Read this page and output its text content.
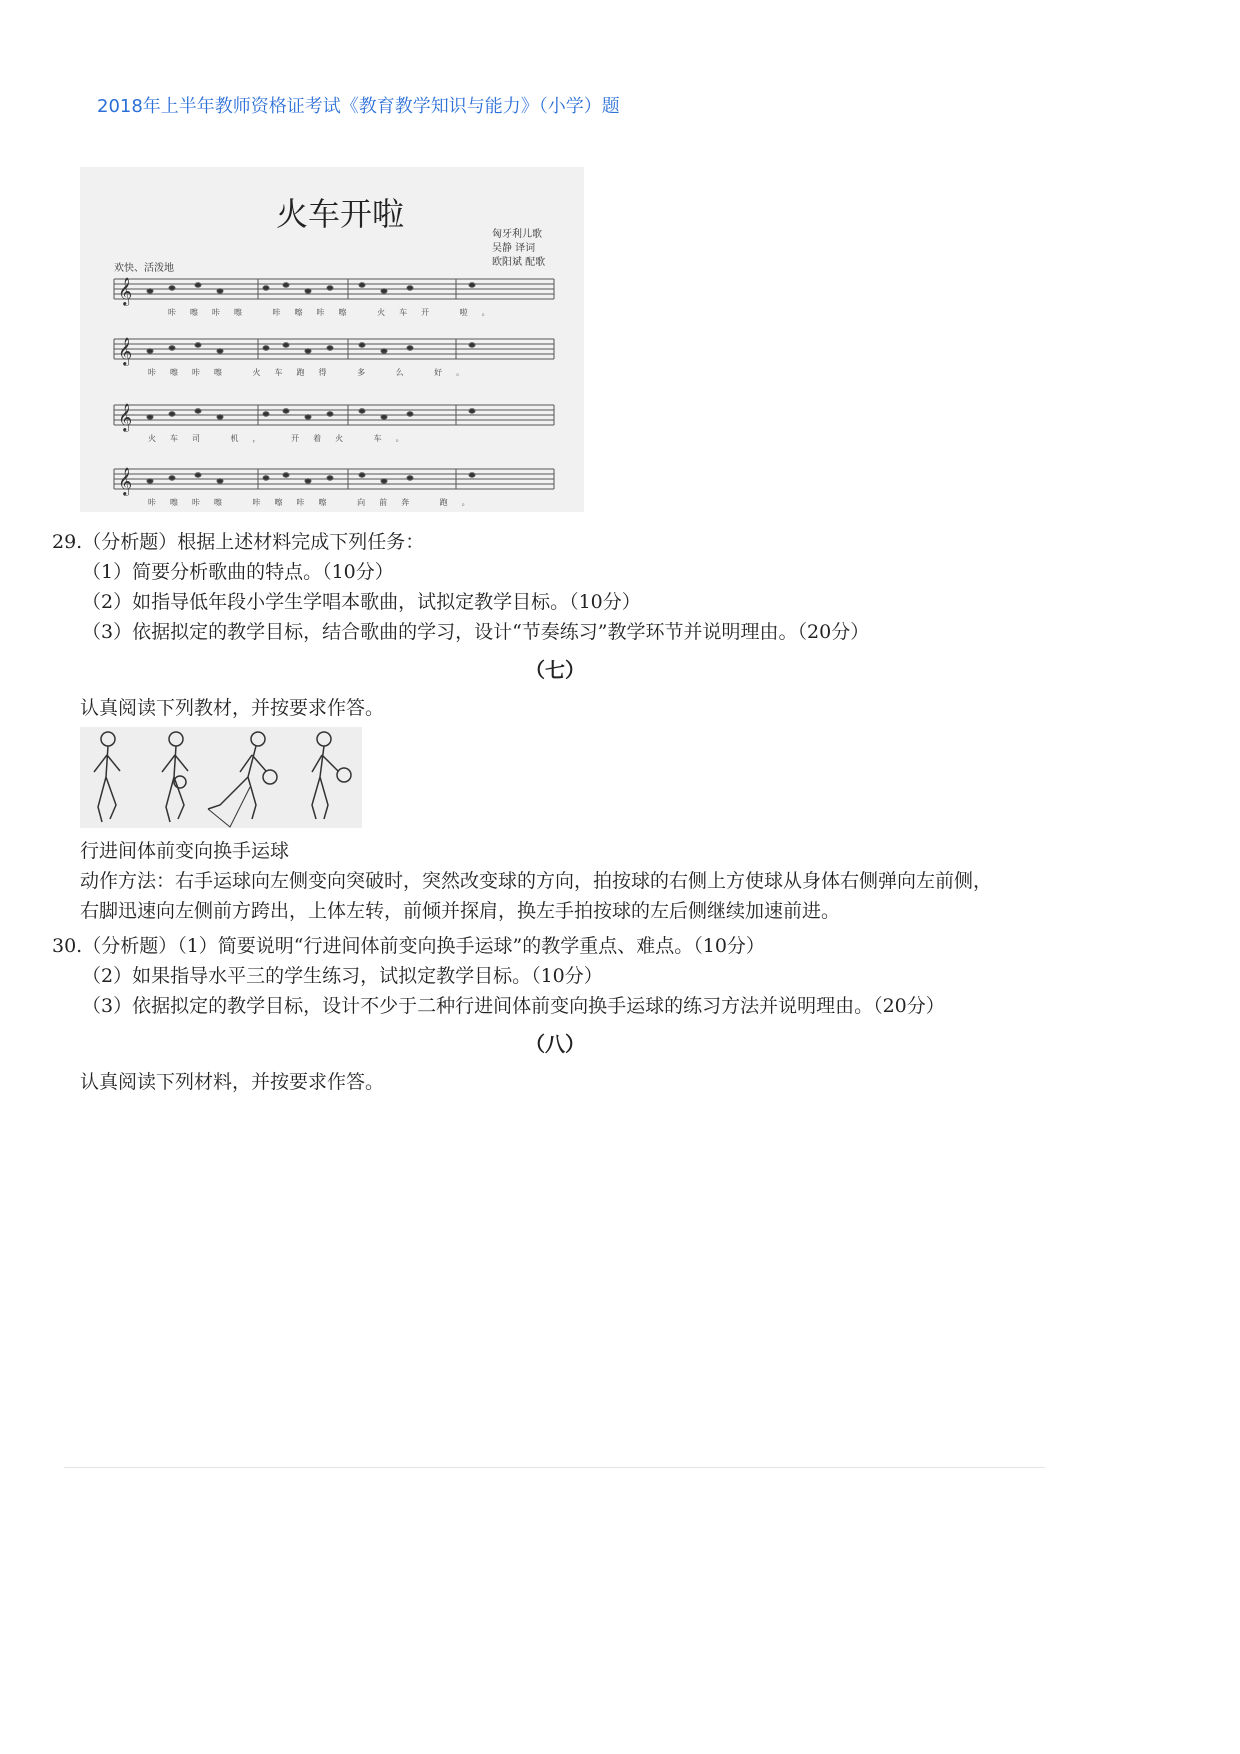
2018年上半年教师资格证考试《教育教学知识与能力》（小学）题
𝄞
𝄞
𝄞
𝄞
火车开啦
匈牙利儿歌
吴静 译词
欧阳斌 配歌
欢快、活泼地
咔嚓咔嚓 咔嚓咔嚓 火车开 啦。
咔嚓咔嚓 火车跑得 多 么 好。
火车司 机， 开着火 车。
咔嚓咔嚓 咔嚓咔嚓 向前奔 跑。
29.（分析题）根据上述材料完成下列任务：
（1）简要分析歌曲的特点。（10分）
（2）如指导低年段小学生学唱本歌曲，试拟定教学目标。（10分）
（3）依据拟定的教学目标，结合歌曲的学习，设计“节奏练习”教学环节并说明理由。（20分）
（七）
认真阅读下列教材，并按要求作答。
行进间体前变向换手运球
动作方法：右手运球向左侧变向突破时，突然改变球的方向，拍按球的右侧上方使球从身体右侧弹向左前侧，
右脚迅速向左侧前方跨出，上体左转，前倾并探肩，换左手拍按球的左后侧继续加速前进。
30.（分析题）（1）简要说明“行进间体前变向换手运球”的教学重点、难点。（10分）
（2）如果指导水平三的学生练习，试拟定教学目标。（10分）
（3）依据拟定的教学目标，设计不少于二种行进间体前变向换手运球的练习方法并说明理由。（20分）
（八）
认真阅读下列材料，并按要求作答。
